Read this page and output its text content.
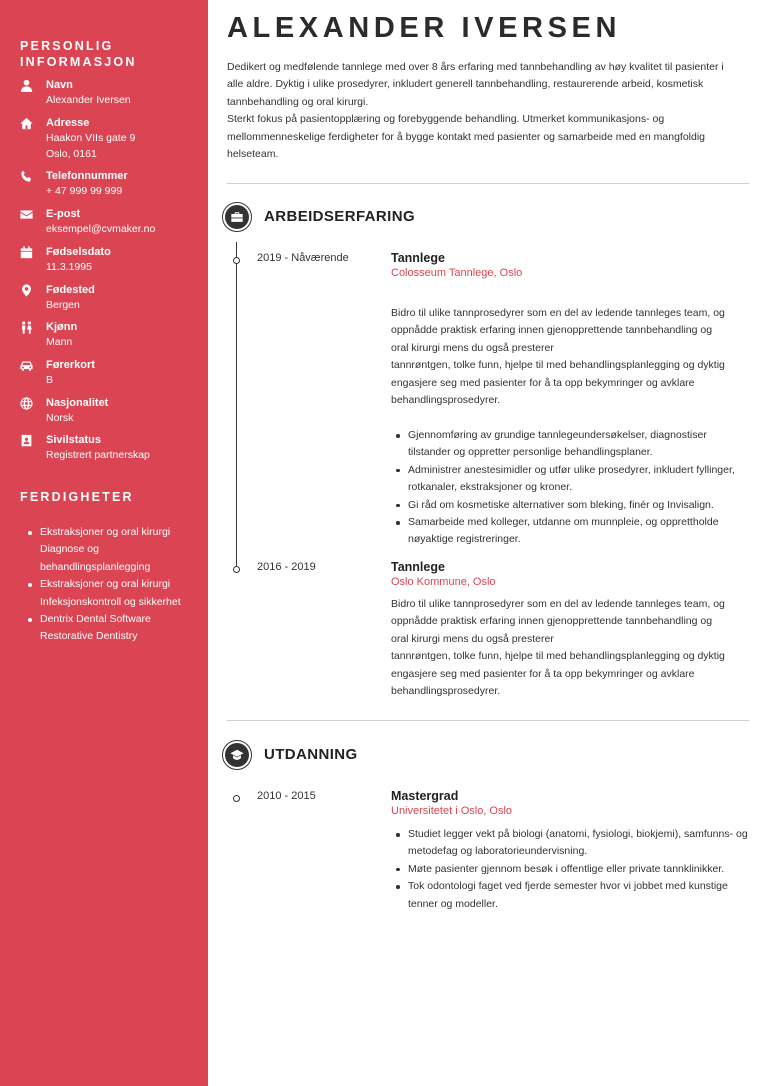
PERSONLIG INFORMASJON
Navn
Alexander Iversen
Adresse
Haakon VIIs gate 9
Oslo, 0161
Telefonnummer
+ 47 999 99 999
E-post
eksempel@cvmaker.no
Fødselsdato
11.3.1995
Fødested
Bergen
Kjønn
Mann
Førerkort
B
Nasjonalitet
Norsk
Sivilstatus
Registrert partnerskap
FERDIGHETER
Ekstraksjoner og oral kirurgi Diagnose og behandlingsplanlegging
Ekstraksjoner og oral kirurgi Infeksjonskontroll og sikkerhet
Dentrix Dental Software Restorative Dentistry
ALEXANDER IVERSEN
Dedikert og medfølende tannlege med over 8 års erfaring med tannbehandling av høy kvalitet til pasienter i
alle aldre. Dyktig i ulike prosedyrer, inkludert generell tannbehandling, restaurerende arbeid, kosmetisk
tannbehandling og oral kirurgi.
Sterkt fokus på pasientopplæring og forebyggende behandling. Utmerket kommunikasjons- og
mellommenneskelige ferdigheter for å bygge kontakt med pasienter og samarbeide med en mangfoldig
helseteam.
ARBEIDSERFARING
2019 - Nåværende	Tannlege
Colosseum Tannlege, Oslo
Bidro til ulike tannprosedyrer som en del av ledende tannleges team, og
oppnådde praktisk erfaring innen gjenopprettende tannbehandling og
oral kirurgi mens du også presterer
tannrøntgen, tolke funn, hjelpe til med behandlingsplanlegging og dyktig
engasjere seg med pasienter for å ta opp bekymringer og avklare
behandlingsprosedyrer.
Gjennomføring av grundige tannlegeundersøkelser, diagnostiser tilstander og oppretter personlige behandlingsplaner.
Administrer anestesimidler og utfør ulike prosedyrer, inkludert fyllinger, rotkanaler, ekstraksjoner og kroner.
Gi råd om kosmetiske alternativer som bleking, finér og Invisalign.
Samarbeide med kolleger, utdanne om munnpleie, og opprettholde nøyaktige registreringer.
2016 - 2019	Tannlege
Oslo Kommune, Oslo
Bidro til ulike tannprosedyrer som en del av ledende tannleges team, og
oppnådde praktisk erfaring innen gjenopprettende tannbehandling og
oral kirurgi mens du også presterer
tannrøntgen, tolke funn, hjelpe til med behandlingsplanlegging og dyktig
engasjere seg med pasienter for å ta opp bekymringer og avklare
behandlingsprosedyrer.
UTDANNING
2010 - 2015	Mastergrad
Universitetet i Oslo, Oslo
Studiet legger vekt på biologi (anatomi, fysiologi, biokjemi), samfunns- og metodefag og laboratorieundervisning.
Møte pasienter gjennom besøk i offentlige eller private tannklinikker.
Tok odontologi faget ved fjerde semester hvor vi jobbet med kunstige tenner og modeller.
